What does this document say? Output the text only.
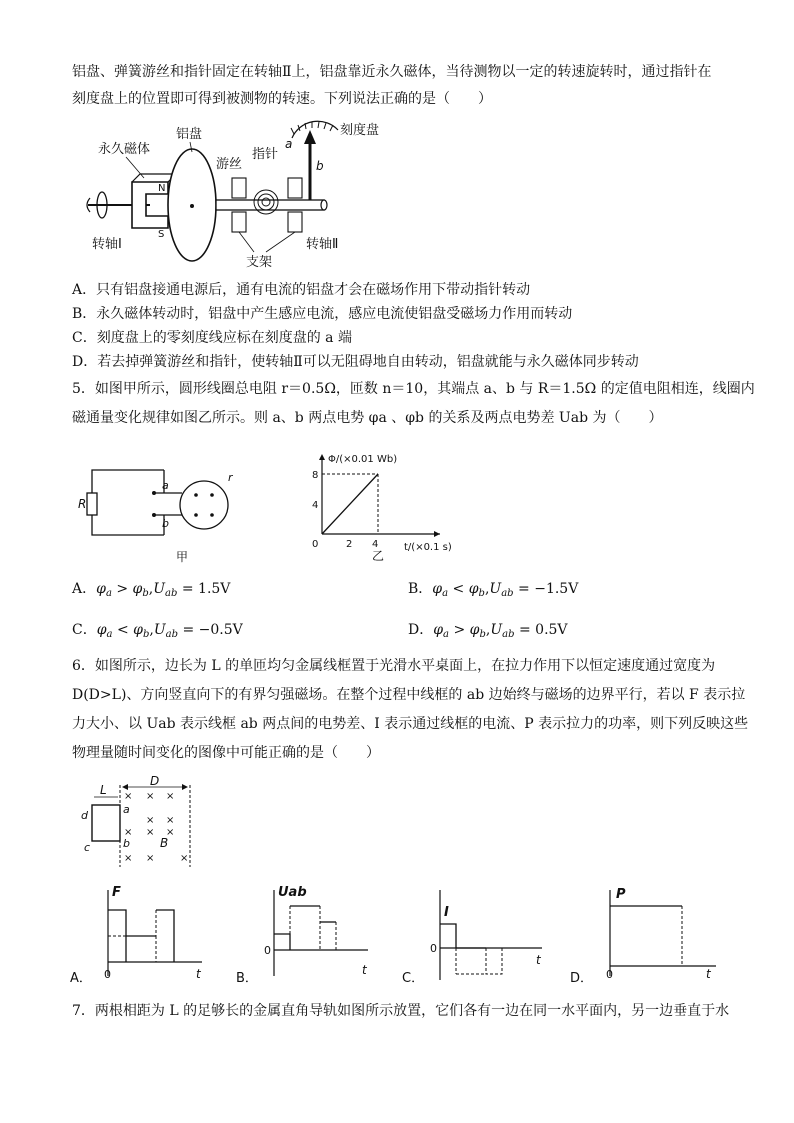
铝盘、弹簧游丝和指针固定在转轴Ⅱ上，铝盘靠近永久磁体，当待测物以一定的转速旋转时，通过指针在
刻度盘上的位置即可得到被测物的转速。下列说法正确的是（　　）
N
S
永久磁体
铝盘
游丝
指针
刻度盘
a
b
转轴Ⅰ	转轴Ⅱ
支架
A．只有铝盘接通电源后，通有电流的铝盘才会在磁场作用下带动指针转动
B．永久磁体转动时，铝盘中产生感应电流，感应电流使铝盘受磁场力作用而转动
C．刻度盘上的零刻度线应标在刻度盘的 a 端
D．若去掉弹簧游丝和指针，使转轴Ⅱ可以无阻碍地自由转动，铝盘就能与永久磁体同步转动
5．如图甲所示，圆形线圈总电阻 r＝0.5Ω，匝数 n＝10，其端点 a、b 与 R＝1.5Ω 的定值电阻相连，线圈内
磁通量变化规律如图乙所示。则 a、b 两点电势 φa 、φb 的关系及两点电势差 Uab 为（　　）
R
a
b
r
甲
Φ/(×0.01 Wb)
t/(×0.1 s)
8
4
2 4
0
乙
A．$\varphi_a > \varphi_b,U_{ab} = 1.5V$	B．$\varphi_a < \varphi_b,U_{ab} = -1.5V$
C．$\varphi_a < \varphi_b,U_{ab} = -0.5V$	D．$\varphi_a > \varphi_b,U_{ab} = 0.5V$
6．如图所示，边长为 L 的单匝均匀金属线框置于光滑水平桌面上，在拉力作用下以恒定速度通过宽度为
D(D>L)、方向竖直向下的有界匀强磁场。在整个过程中线框的 ab 边始终与磁场的边界平行，若以 F 表示拉
力大小、以 Uab 表示线框 ab 两点间的电势差、I 表示通过线框的电流、P 表示拉力的功率，则下列反映这些
物理量随时间变化的图像中可能正确的是（　　）
D
L
d
c
a
b	B
× × ×
× ×
× × ×
× ×	×
A．
F
t
0	B．
Uab
t
0
C．
I
t
0
D．
P
t
0
7．两根相距为 L 的足够长的金属直角导轨如图所示放置，它们各有一边在同一水平面内，另一边垂直于水
